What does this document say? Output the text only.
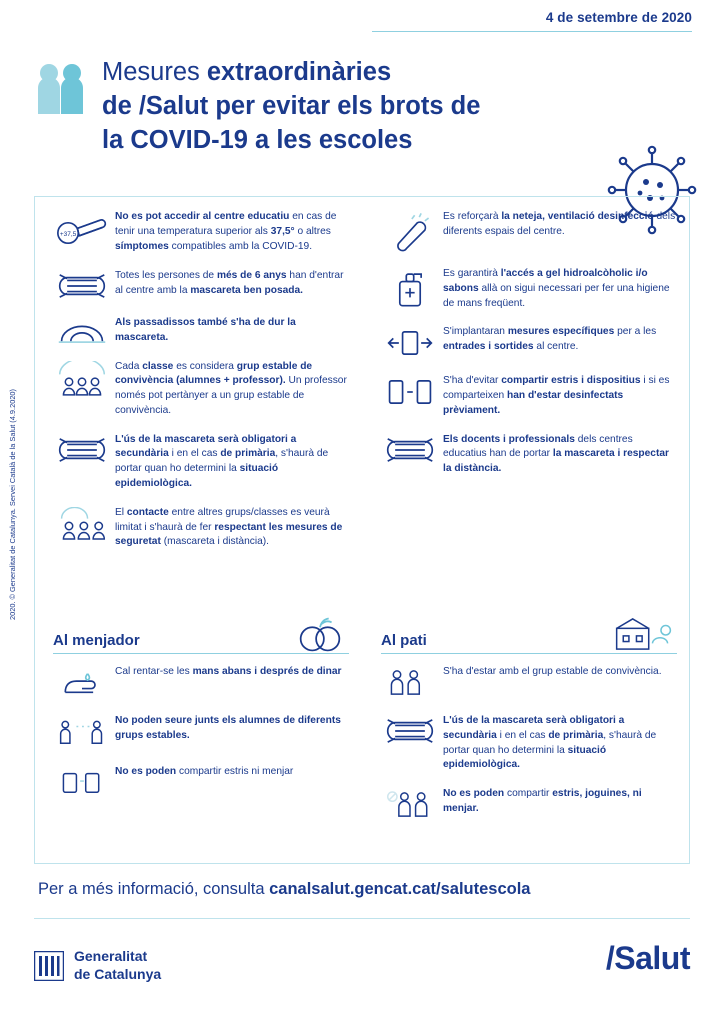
4 de setembre de 2020
Mesures extraordinàries
de /Salut per evitar els brots de
la COVID-19 a les escoles
+37,5
No es pot accedir al centre educatiu en cas de tenir una temperatura superior als 37,5° o altres símptomes compatibles amb la COVID-19.
Totes les persones de més de 6 anys han d'entrar al centre amb la mascareta ben posada.
Als passadissos també s'ha de dur la mascareta.
Cada classe es considera grup estable de convivència (alumnes + professor). Un professor només pot pertànyer a un grup estable de convivència.
L'ús de la mascareta serà obligatori a secundària i en el cas de primària, s'haurà de portar quan ho determini la situació epidemiològica.
El contacte entre altres grups/classes es veurà limitat i s'haurà de fer respectant les mesures de seguretat (mascareta i distància).
Es reforçarà la neteja, ventilació desinfecció dels diferents espais del centre.
Es garantirà l'accés a gel hidroalcòholic i/o sabons allà on sigui necessari per fer una higiene de mans freqüent.
S'implantaran mesures específiques per a les entrades i sortides al centre.
S'ha d'evitar compartir estris i dispositius i si es comparteixen han d'estar desinfectats prèviament.
Els docents i professionals dels centres educatius han de portar la mascareta i respectar la distància.
Al menjador
Cal rentar-se les mans abans i després de dinar
No poden seure junts els alumnes de diferents grups estables.
No es poden compartir estris ni menjar
Al pati
S'ha d'estar amb el grup estable de convivència.
L'ús de la mascareta serà obligatori a secundària i en el cas de primària, s'haurà de portar quan ho determini la situació epidemiològica.
No es poden compartir estris, joguines, ni menjar.
Per a més informació, consulta canalsalut.gencat.cat/salutescola
Generalitat
de Catalunya	/Salut
2020. © Generalitat de Catalunya. Servei Català de la Salut (4.9.2020)
